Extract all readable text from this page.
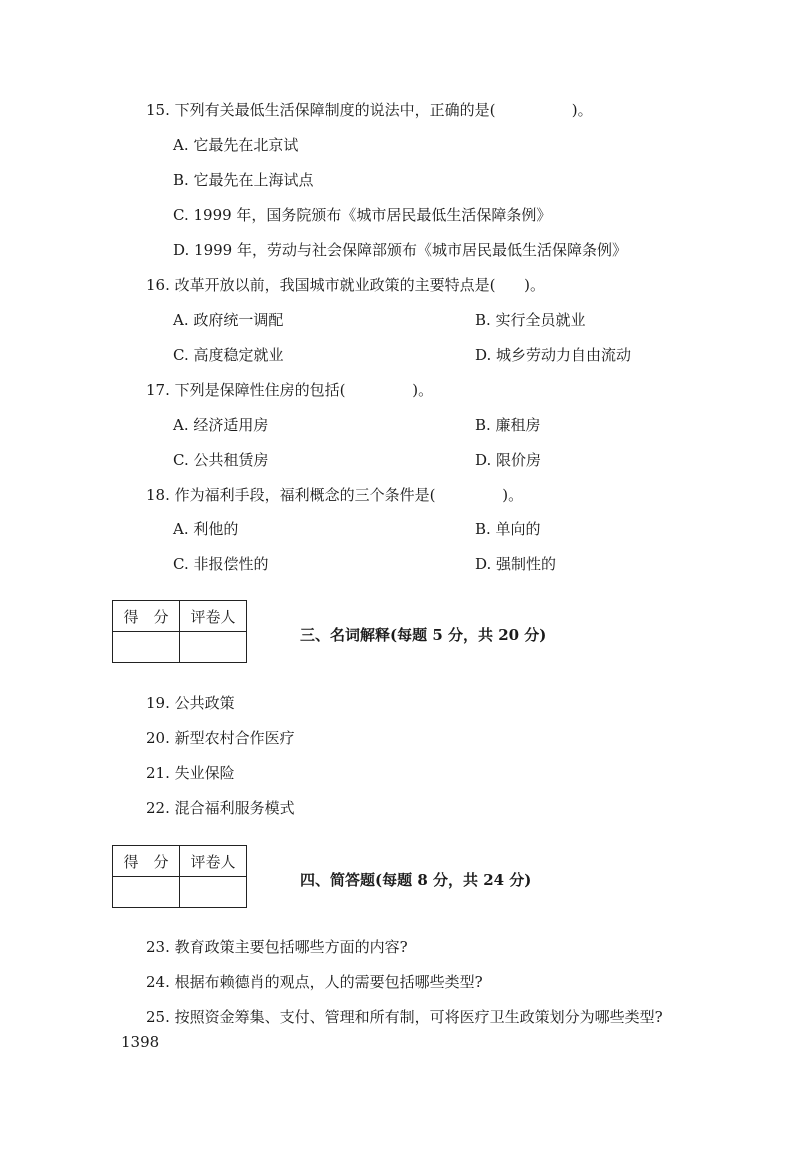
15. 下列有关最低生活保障制度的说法中，正确的是(                )。
A. 它最先在北京试
B. 它最先在上海试点
C. 1999 年，国务院颁布《城市居民最低生活保障条例》
D. 1999 年，劳动与社会保障部颁布《城市居民最低生活保障条例》
16. 改革开放以前，我国城市就业政策的主要特点是(      )。
A. 政府统一调配	B. 实行全员就业
C. 高度稳定就业	D. 城乡劳动力自由流动
17. 下列是保障性住房的包括(              )。
A. 经济适用房	B. 廉租房
C. 公共租赁房	D. 限价房
18. 作为福利手段，福利概念的三个条件是(              )。
A. 利他的	B. 单向的
C. 非报偿性的	D. 强制性的
得　分	评卷人

三、名词解释(每题 5 分，共 20 分)
19. 公共政策
20. 新型农村合作医疗
21. 失业保险
22. 混合福利服务模式
得　分	评卷人

四、简答题(每题 8 分，共 24 分)
23. 教育政策主要包括哪些方面的内容?
24. 根据布赖德肖的观点，人的需要包括哪些类型?
25. 按照资金筹集、支付、管理和所有制，可将医疗卫生政策划分为哪些类型?
1398
